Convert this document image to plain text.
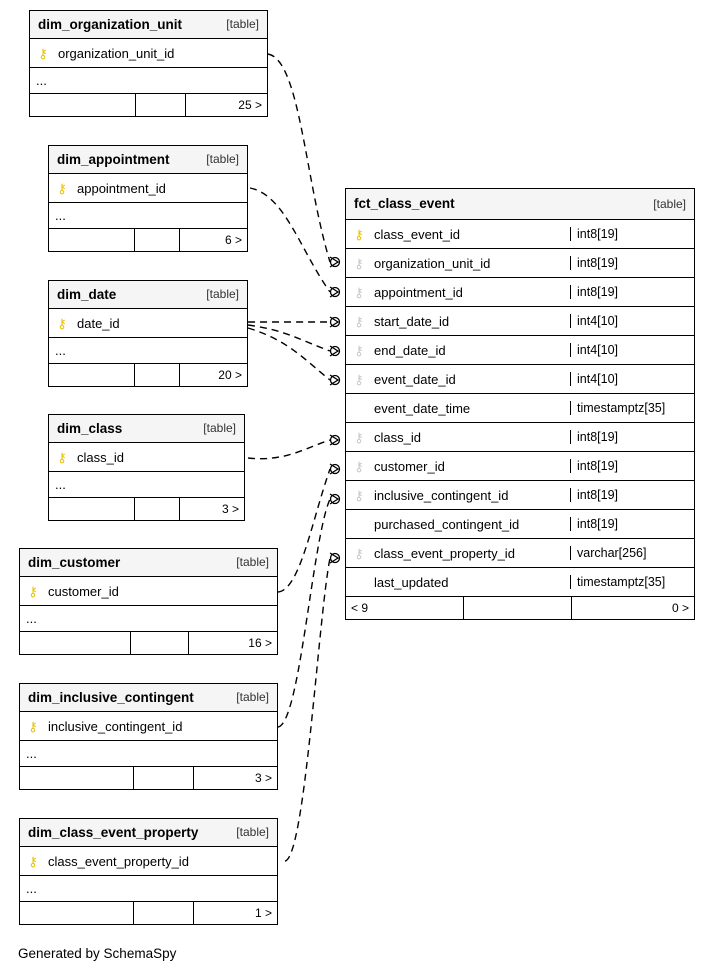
dim_organization_unit	[table]
⚷ organization_unit_id
...
25 >
dim_appointment	[table]
⚷ appointment_id
...
6 >
dim_date	[table]
⚷ date_id
...
20 >
dim_class	[table]
⚷ class_id
...
3 >
dim_customer	[table]
⚷ customer_id
...
16 >
dim_inclusive_contingent	[table]
⚷ inclusive_contingent_id
...
3 >
dim_class_event_property	[table]
⚷ class_event_property_id
...
1 >
fct_class_event	[table]
⚷ class_event_id	int8[19]
⚷ organization_unit_id	int8[19]
⚷ appointment_id	int8[19]
⚷ start_date_id	int4[10]
⚷ end_date_id	int4[10]
⚷ event_date_id	int4[10]
event_date_time	timestamptz[35]
⚷ class_id	int8[19]
⚷ customer_id	int8[19]
⚷ inclusive_contingent_id	int8[19]
purchased_contingent_id	int8[19]
⚷ class_event_property_id	varchar[256]
last_updated	timestamptz[35]
< 9	0 >
Generated by SchemaSpy
